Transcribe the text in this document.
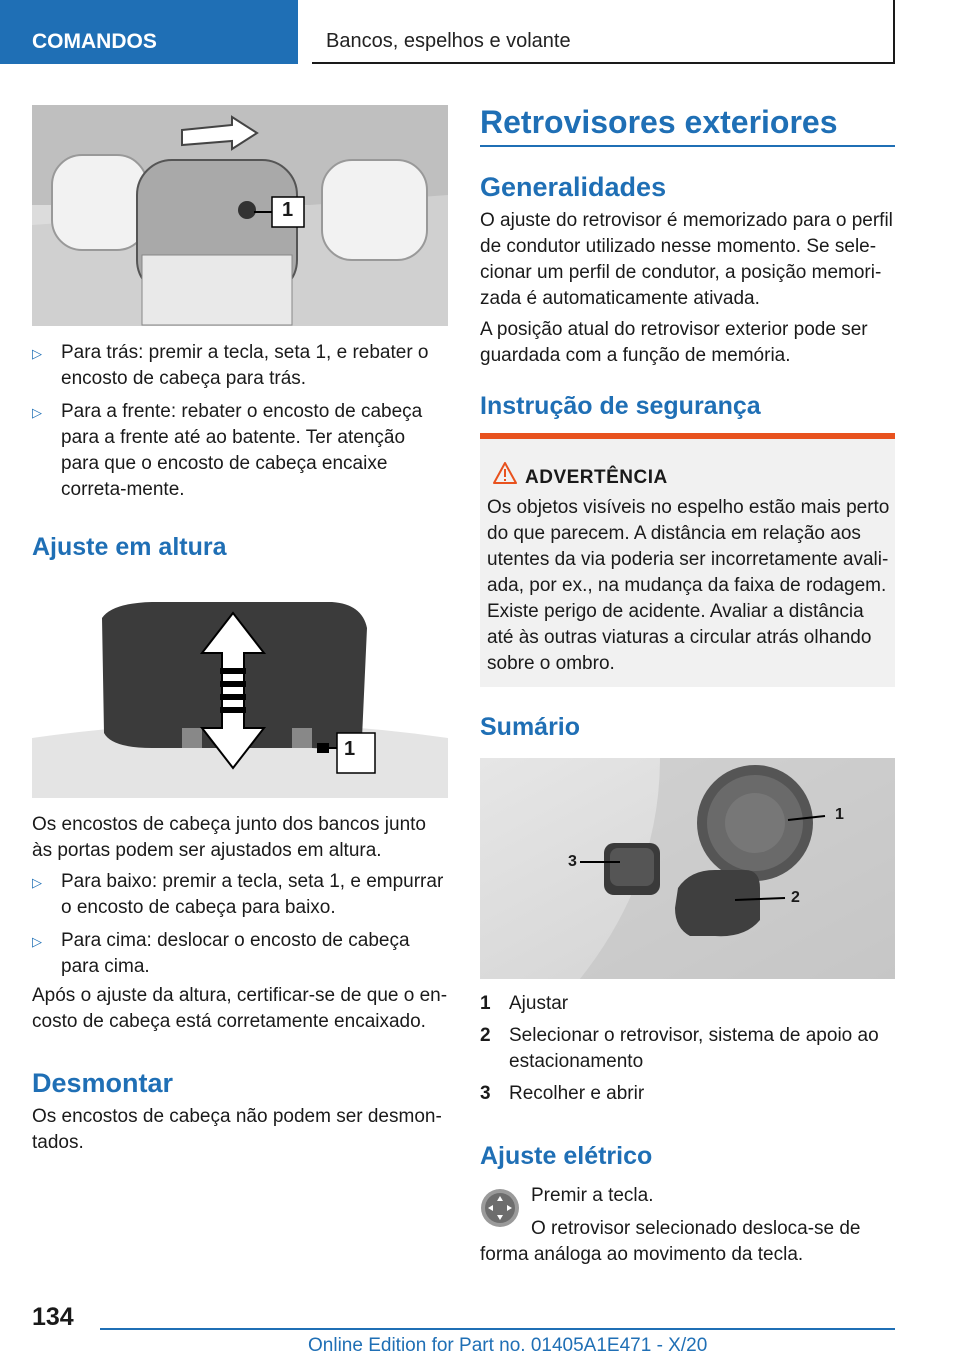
COMANDOS	Bancos, espelhos e volante
1
▷ Para trás: premir a tecla, seta 1, e rebater o encosto de cabeça para trás.
▷ Para a frente: rebater o encosto de cabeça para a frente até ao batente. Ter atenção para que o encosto de cabeça encaixe correta-mente.
Ajuste em altura
1
Os encostos de cabeça junto dos bancos junto às portas podem ser ajustados em altura.
▷ Para baixo: premir a tecla, seta 1, e empurrar o encosto de cabeça para baixo.
▷ Para cima: deslocar o encosto de cabeça para cima.
Após o ajuste da altura, certificar-se de que o en-costo de cabeça está corretamente encaixado.
Desmontar
Os encostos de cabeça não podem ser desmon-tados.
Retrovisores exteriores
Generalidades
O ajuste do retrovisor é memorizado para o perfil de condutor utilizado nesse momento. Se sele-cionar um perfil de condutor, a posição memori-zada é automaticamente ativada.
A posição atual do retrovisor exterior pode ser guardada com a função de memória.
Instrução de segurança
ADVERTÊNCIA
Os objetos visíveis no espelho estão mais perto do que parecem. A distância em relação aos utentes da via poderia ser incorretamente avali-ada, por ex., na mudança da faixa de rodagem. Existe perigo de acidente. Avaliar a distância até às outras viaturas a circular atrás olhando sobre o ombro.
Sumário
1
2
3
1 Ajustar
2 Selecionar o retrovisor, sistema de apoio ao estacionamento
3 Recolher e abrir
Ajuste elétrico
Premir a tecla.
O retrovisor selecionado desloca-se de forma análoga ao movimento da tecla.
134
Online Edition for Part no. 01405A1E471 - X/20
